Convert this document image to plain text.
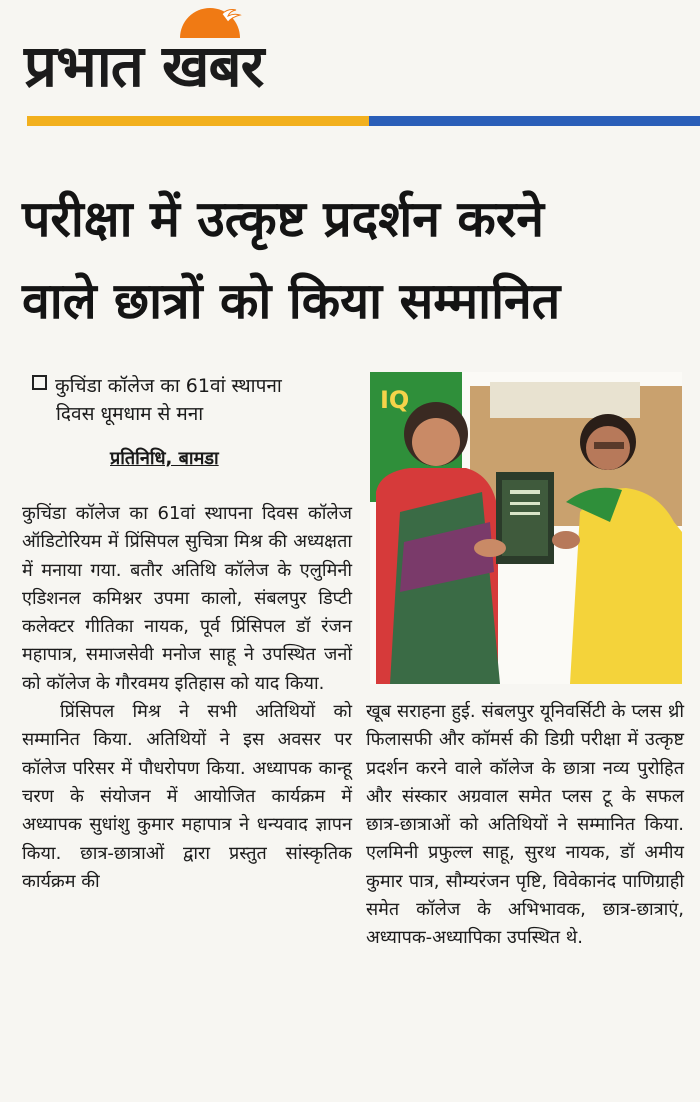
प्रभात खबर
परीक्षा में उत्कृष्ट प्रदर्शन करने
वाले छात्रों को किया सम्मानित
कुचिंडा कॉलेज का 61वां स्थापना
दिवस धूमधाम से मना
प्रतिनिधि, बामडा
IQ

कुचिंडा कॉलेज का 61वां स्थापना दिवस कॉलेज ऑडिटोरियम में प्रिंसिपल सुचित्रा मिश्र की अध्यक्षता में मनाया गया. बतौर अतिथि कॉलेज के एलुमिनी एडिशनल कमिश्नर उपमा कालो, संबलपुर डिप्टी कलेक्टर गीतिका नायक, पूर्व प्रिंसिपल डॉ रंजन महापात्र, समाजसेवी मनोज साहू ने उपस्थित जनों को कॉलेज के गौरवमय इतिहास को याद किया.

प्रिंसिपल मिश्र ने सभी अतिथियों को सम्मानित किया. अतिथियों ने इस अवसर पर कॉलेज परिसर में पौधरोपण किया. अध्यापक कान्हू चरण के संयोजन में आयोजित कार्यक्रम में अध्यापक सुधांशु कुमार महापात्र ने धन्यवाद ज्ञापन किया. छात्र-छात्राओं द्वारा प्रस्तुत सांस्कृतिक कार्यक्रम की

खूब सराहना हुई. संबलपुर यूनिवर्सिटी के प्लस थ्री फिलासफी और कॉमर्स की डिग्री परीक्षा में उत्कृष्ट प्रदर्शन करने वाले कॉलेज के छात्रा नव्य पुरोहित और संस्कार अग्रवाल समेत प्लस टू के सफल छात्र-छात्राओं को अतिथियों ने सम्मानित किया. एलमिनी प्रफुल्ल साहू, सुरथ नायक, डॉ अमीय कुमार पात्र, सौम्यरंजन पृष्टि, विवेकानंद पाणिग्राही समेत कॉलेज के अभिभावक, छात्र-छात्राएं, अध्यापक-अध्यापिका उपस्थित थे.
